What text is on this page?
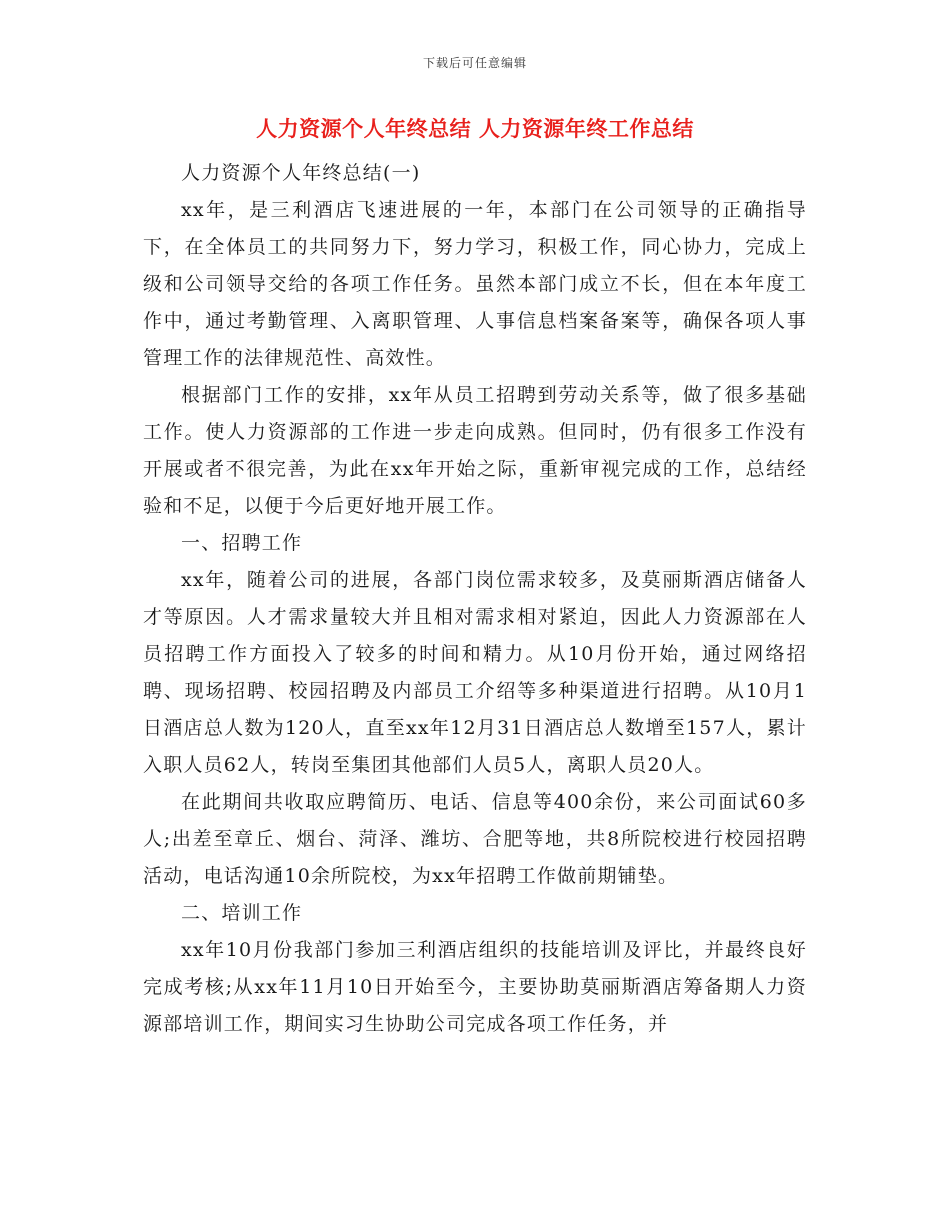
下载后可任意编辑
人力资源个人年终总结 人力资源年终工作总结

人力资源个人年终总结(一)

xx年，是三利酒店飞速进展的一年，本部门在公司领导的正确指导下，在全体员工的共同努力下，努力学习，积极工作，同心协力，完成上级和公司领导交给的各项工作任务。虽然本部门成立不长，但在本年度工作中，通过考勤管理、入离职管理、人事信息档案备案等，确保各项人事管理工作的法律规范性、高效性。

根据部门工作的安排，xx年从员工招聘到劳动关系等，做了很多基础工作。使人力资源部的工作进一步走向成熟。但同时，仍有很多工作没有开展或者不很完善，为此在xx年开始之际，重新审视完成的工作，总结经验和不足，以便于今后更好地开展工作。

一、招聘工作

xx年，随着公司的进展，各部门岗位需求较多，及莫丽斯酒店储备人才等原因。人才需求量较大并且相对需求相对紧迫，因此人力资源部在人员招聘工作方面投入了较多的时间和精力。从10月份开始，通过网络招聘、现场招聘、校园招聘及内部员工介绍等多种渠道进行招聘。从10月1日酒店总人数为120人，直至xx年12月31日酒店总人数增至157人，累计入职人员62人，转岗至集团其他部们人员5人，离职人员20人。

在此期间共收取应聘简历、电话、信息等400余份，来公司面试60多人;出差至章丘、烟台、菏泽、潍坊、合肥等地，共8所院校进行校园招聘活动，电话沟通10余所院校，为xx年招聘工作做前期铺垫。

二、培训工作

xx年10月份我部门参加三利酒店组织的技能培训及评比，并最终良好完成考核;从xx年11月10日开始至今，主要协助莫丽斯酒店筹备期人力资源部培训工作，期间实习生协助公司完成各项工作任务，并
